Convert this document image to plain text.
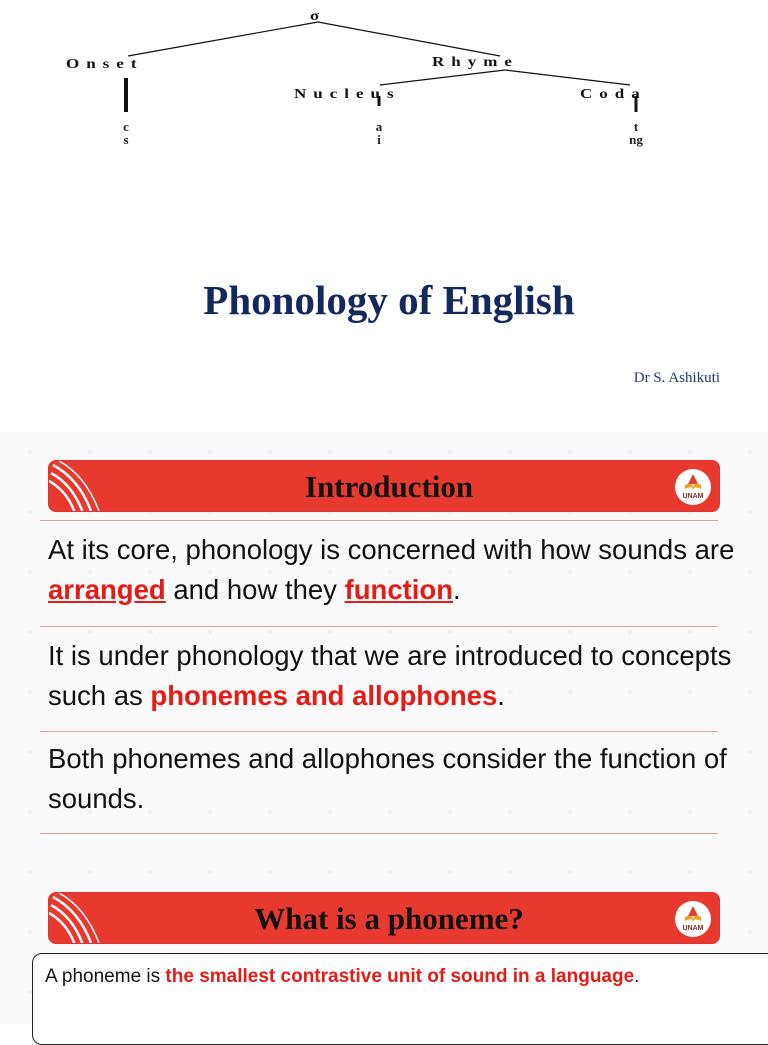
σ
Onset	Rhyme
Nucleus	Coda
c
s
a
i
t
ng
Phonology of English
Dr S. Ashikuti
Introduction	UNAM

At its core, phonology is concerned with how sounds are arranged and how they function.

It is under phonology that we are introduced to concepts such as phonemes and allophones.

Both phonemes and allophones consider the function of sounds.

What is a phoneme?	UNAM

A phoneme is the smallest contrastive unit of sound in a language.
